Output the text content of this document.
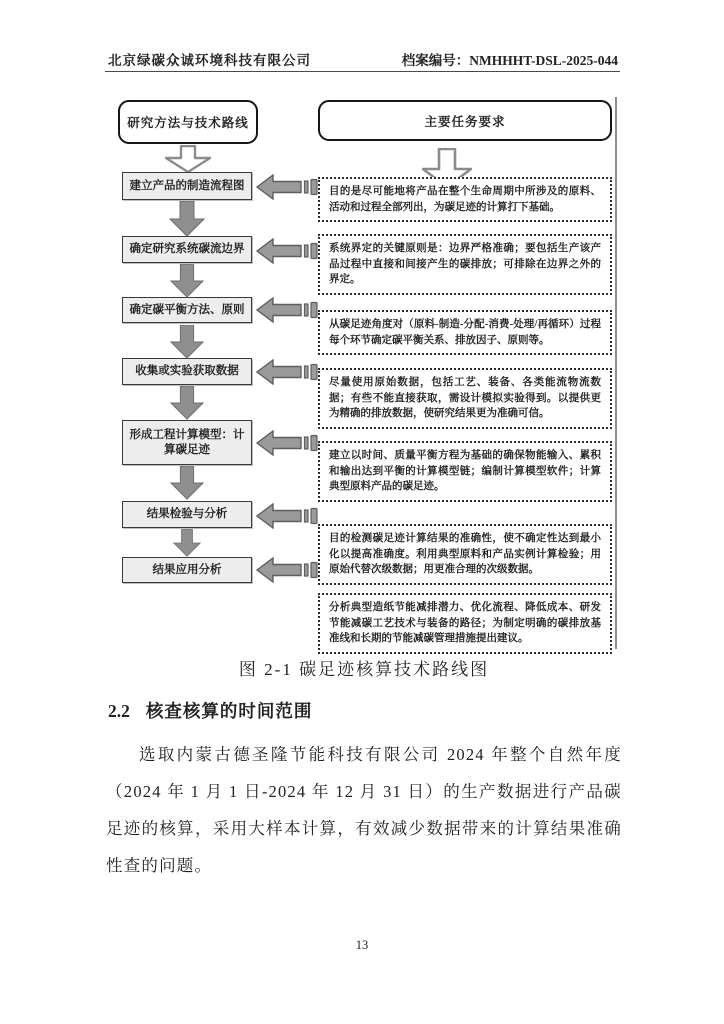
北京绿碳众诚环境科技有限公司	档案编号：NMHHHT-DSL-2025-044
研究方法与技术路线	主要任务要求
建立产品的制造流程图
确定研究系统碳流边界
确定碳平衡方法、原则
收集或实验获取数据
形成工程计算模型：计算碳足迹
结果检验与分析
结果应用分析
目的是尽可能地将产品在整个生命周期中所涉及的原料、活动和过程全部列出，为碳足迹的计算打下基础。
系统界定的关键原则是：边界严格准确；要包括生产该产品过程中直接和间接产生的碳排放；可排除在边界之外的界定。
从碳足迹角度对（原料-制造-分配-消费-处理/再循环）过程每个环节确定碳平衡关系、排放因子、原则等。
尽量使用原始数据，包括工艺、装备、各类能流物流数据；有些不能直接获取，需设计模拟实验得到。以提供更为精确的排放数据，使研究结果更为准确可信。
建立以时间、质量平衡方程为基础的确保物能输入、累积和输出达到平衡的计算模型链；编制计算模型软件；计算典型原料产品的碳足迹。
目的检测碳足迹计算结果的准确性，使不确定性达到最小化以提高准确度。利用典型原料和产品实例计算检验；用原始代替次级数据；用更准合理的次级数据。
分析典型造纸节能减排潜力、优化流程、降低成本、研发节能减碳工艺技术与装备的路径；为制定明确的碳排放基准线和长期的节能减碳管理措施提出建议。
图 2-1 碳足迹核算技术路线图
2.2 核查核算的时间范围

选取内蒙古德圣隆节能科技有限公司 2024 年整个自然年度（2024 年 1 月 1 日-2024 年 12 月 31 日）的生产数据进行产品碳足迹的核算，采用大样本计算，有效减少数据带来的计算结果准确性查的问题。

13
